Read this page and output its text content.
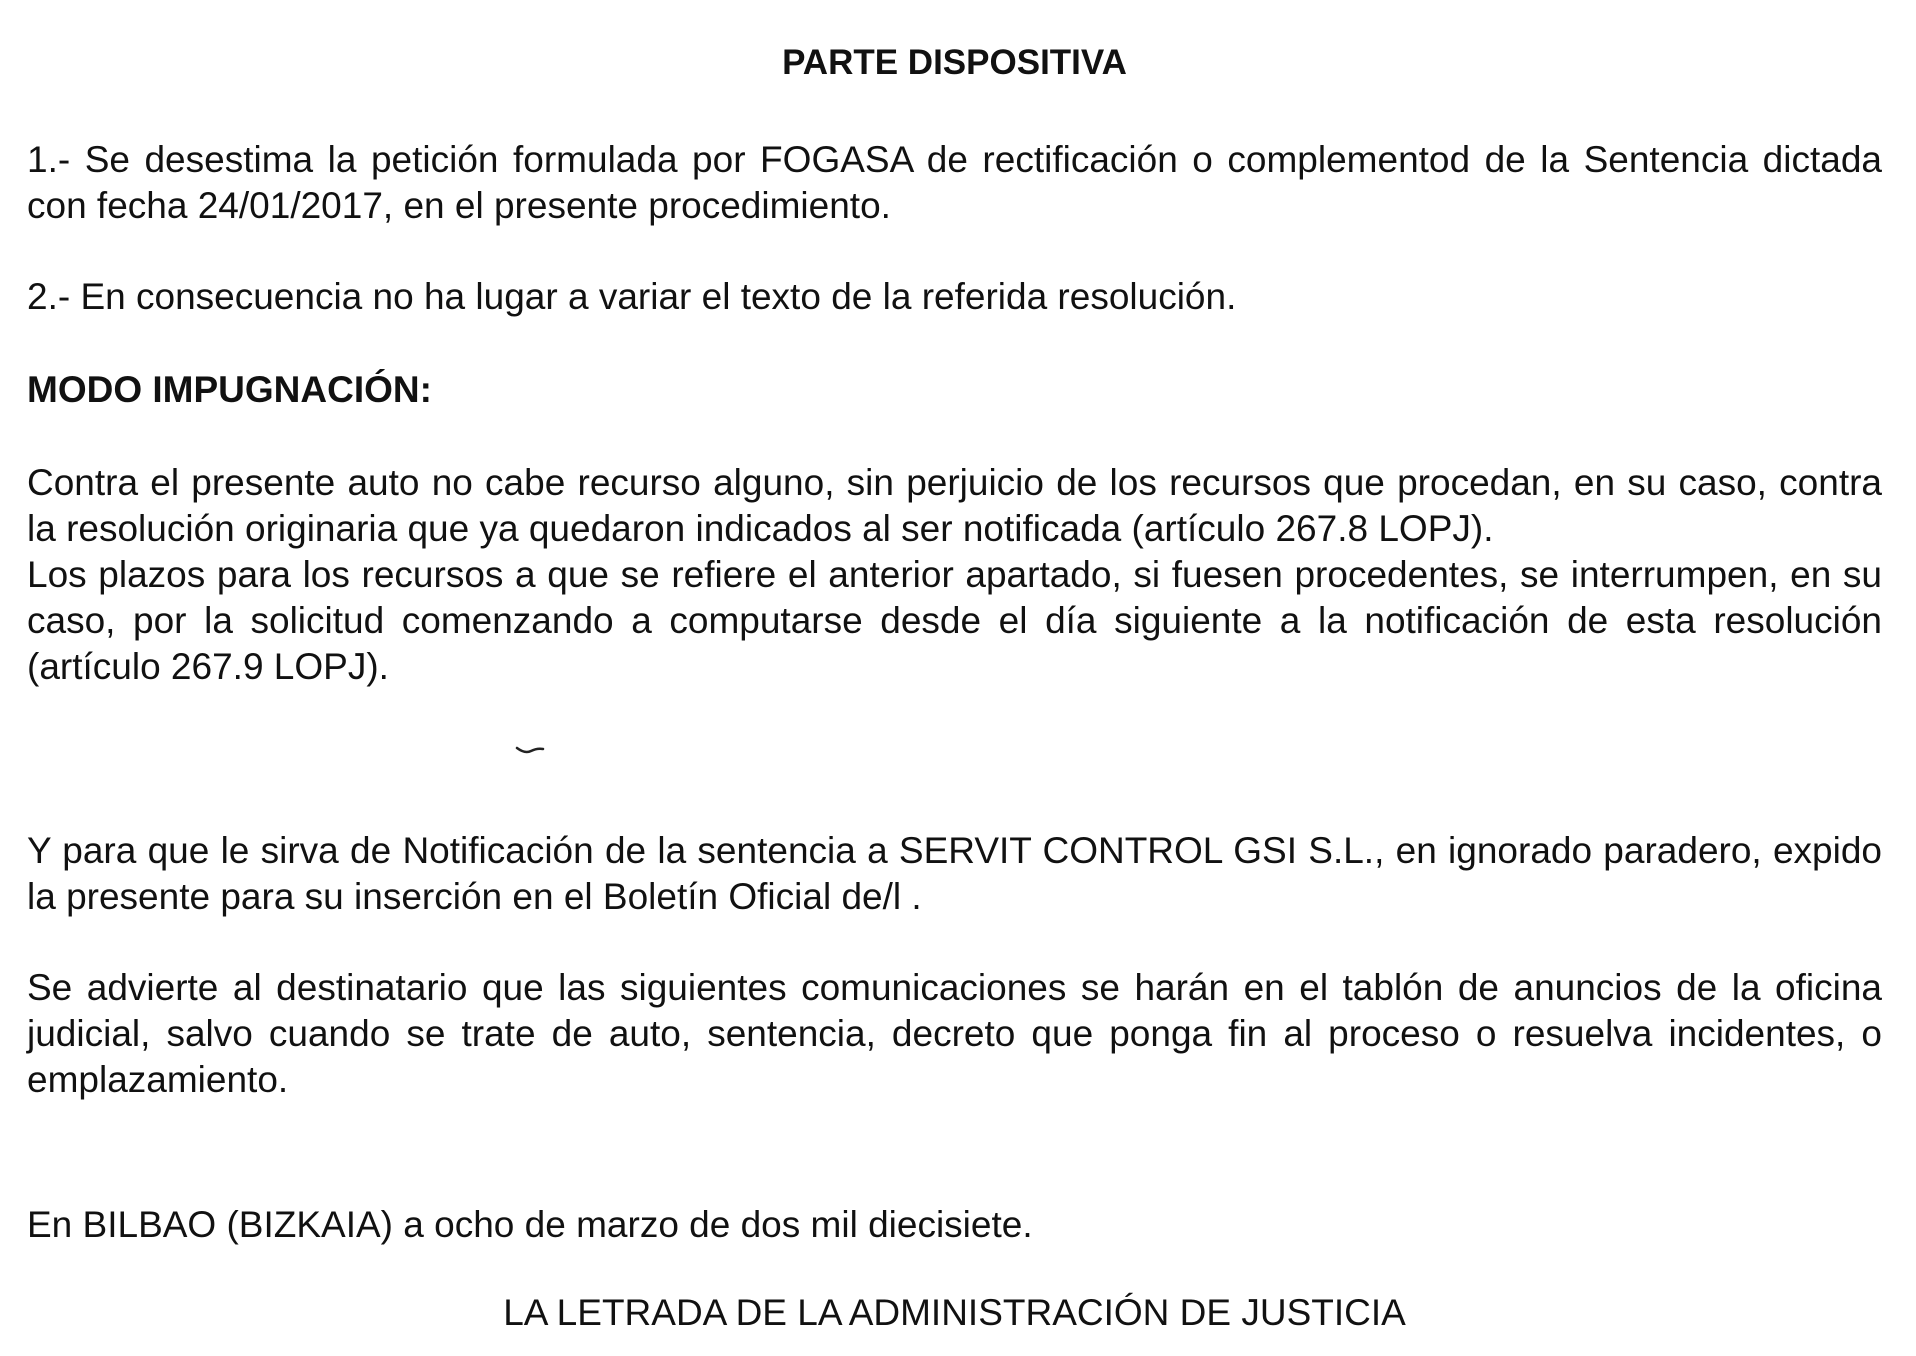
PARTE DISPOSITIVA

1.- Se desestima la petición formulada por FOGASA de rectificación o complementod de la Sentencia dictada con fecha 24/01/2017, en el presente procedimiento.

2.- En consecuencia no ha lugar a variar el texto de la referida resolución.

MODO IMPUGNACIÓN:

Contra el presente auto no cabe recurso alguno, sin perjuicio de los recursos que procedan, en su caso, contra la resolución originaria que ya quedaron indicados al ser notificada (artículo 267.8 LOPJ).

Los plazos para los recursos a que se refiere el anterior apartado, si fuesen procedentes, se interrumpen, en su caso, por la solicitud comenzando a computarse desde el día siguiente a la notificación de esta resolución (artículo 267.9 LOPJ).

Y para que le sirva de Notificación de la sentencia a SERVIT CONTROL GSI S.L., en ignorado paradero, expido la presente para su inserción en el Boletín Oficial de/l .

Se advierte al destinatario que las siguientes comunicaciones se harán en el tablón de anuncios de la oficina judicial, salvo cuando se trate de auto, sentencia, decreto que ponga fin al proceso o resuelva incidentes, o emplazamiento.

En BILBAO (BIZKAIA) a ocho de marzo de dos mil diecisiete.

LA LETRADA DE LA ADMINISTRACIÓN DE JUSTICIA
